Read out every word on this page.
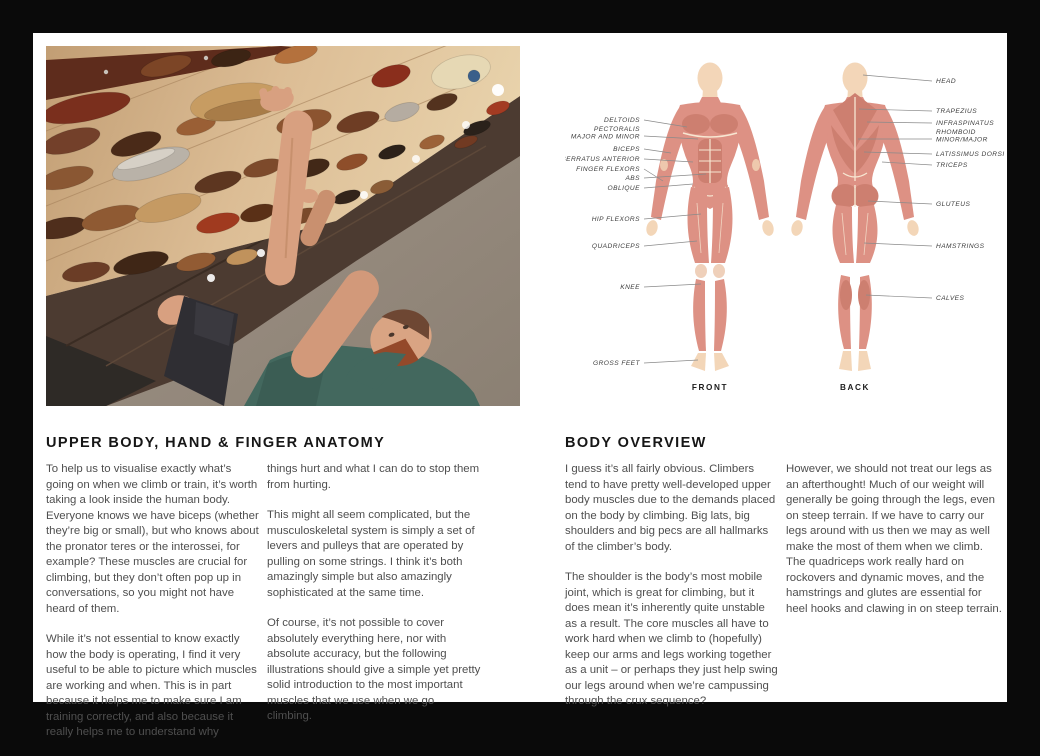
DELTOIDS
PECTORALIS MAJOR AND MINOR
BICEPS
SERRATUS ANTERIOR
FINGER FLEXORS
ABS
OBLIQUE
HIP FLEXORS
QUADRICEPS
KNEE
GROSS FEET
HEAD
TRAPEZIUS
INFRASPINATUS
RHOMBOID MINOR/MAJOR
LATISSIMUS DORSI
TRICEPS
GLUTEUS
HAMSTRINGS
CALVES
FRONT	BACK
UPPER BODY, HAND & FINGER ANATOMY	BODY OVERVIEW

To help us to visualise exactly what’s going on when we climb or train, it’s worth taking a look inside the human body. Everyone knows we have biceps (whether they’re big or small), but who knows about the pronator teres or the interossei, for example? These muscles are crucial for climbing, but they don’t often pop up in conversations, so you might not have heard of them.

While it’s not essential to know exactly how the body is operating, I find it very useful to be able to picture which muscles are working and when. This is in part because it helps me to make sure I am training correctly, and also because it really helps me to understand why

things hurt and what I can do to stop them from hurting.

This might all seem complicated, but the musculoskeletal system is simply a set of levers and pulleys that are operated by pulling on some strings. I think it’s both amazingly simple but also amazingly sophisticated at the same time.

Of course, it’s not possible to cover absolutely everything here, nor with absolute accuracy, but the following illustrations should give a simple yet pretty solid introduction to the most important muscles that we use when we go climbing.

I guess it’s all fairly obvious. Climbers tend to have pretty well-developed upper body muscles due to the demands placed on the body by climbing. Big lats, big shoulders and big pecs are all hallmarks of the climber’s body.

The shoulder is the body’s most mobile joint, which is great for climbing, but it does mean it’s inherently quite unstable as a result. The core muscles all have to work hard when we climb to (hopefully) keep our arms and legs working together as a unit – or perhaps they just help swing our legs around when we’re campussing through the crux sequence?

However, we should not treat our legs as an afterthought! Much of our weight will generally be going through the legs, even on steep terrain. If we have to carry our legs around with us then we may as well make the most of them when we climb. The quadriceps work really hard on rockovers and dynamic moves, and the hamstrings and glutes are essential for heel hooks and clawing in on steep terrain.
